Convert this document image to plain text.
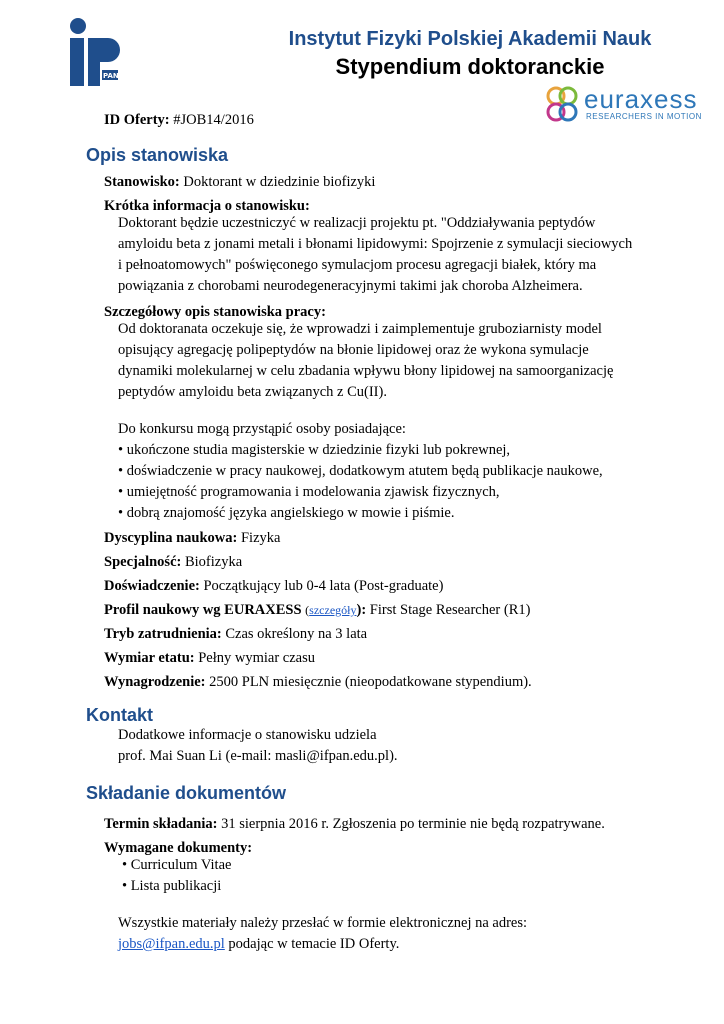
PAN
Instytut Fizyki Polskiej Akademii Nauk
Stypendium doktoranckie
euraxess
RESEARCHERS IN MOTION
ID Oferty: #JOB14/2016
Opis stanowiska
Stanowisko: Doktorant w dziedzinie biofizyki
Krótka informacja o stanowisku:
Doktorant będzie uczestniczyć w realizacji projektu pt. "Oddziaływania peptydów
amyloidu beta z jonami metali i błonami lipidowymi: Spojrzenie z symulacji sieciowych
i pełnoatomowych" poświęconego symulacjom procesu agregacji białek, który ma
powiązania z chorobami neurodegeneracyjnymi takimi jak choroba Alzheimera.
Szczegółowy opis stanowiska pracy:
Od doktoranata oczekuje się, że wprowadzi i zaimplementuje gruboziarnisty model
opisujący agregację polipeptydów na błonie lipidowej oraz że wykona symulacje
dynamiki molekularnej w celu zbadania wpływu błony lipidowej na samoorganizację
peptydów amyloidu beta związanych z Cu(II).
Do konkursu mogą przystąpić osoby posiadające:
• ukończone studia magisterskie w dziedzinie fizyki lub pokrewnej,
• doświadczenie w pracy naukowej, dodatkowym atutem będą publikacje naukowe,
• umiejętność programowania i modelowania zjawisk fizycznych,
• dobrą znajomość języka angielskiego w mowie i piśmie.
Dyscyplina naukowa: Fizyka
Specjalność: Biofizyka
Doświadczenie: Początkujący lub 0-4 lata (Post-graduate)
Profil naukowy wg EURAXESS (szczegóły): First Stage Researcher (R1)
Tryb zatrudnienia: Czas określony na 3 lata
Wymiar etatu: Pełny wymiar czasu
Wynagrodzenie: 2500 PLN miesięcznie (nieopodatkowane stypendium).
Kontakt
Dodatkowe informacje o stanowisku udziela
prof. Mai Suan Li (e-mail: masli@ifpan.edu.pl).
Składanie dokumentów
Termin składania: 31 sierpnia 2016 r. Zgłoszenia po terminie nie będą rozpatrywane.
Wymagane dokumenty:
• Curriculum Vitae
• Lista publikacji
Wszystkie materiały należy przesłać w formie elektronicznej na adres:
jobs@ifpan.edu.pl podając w temacie ID Oferty.
